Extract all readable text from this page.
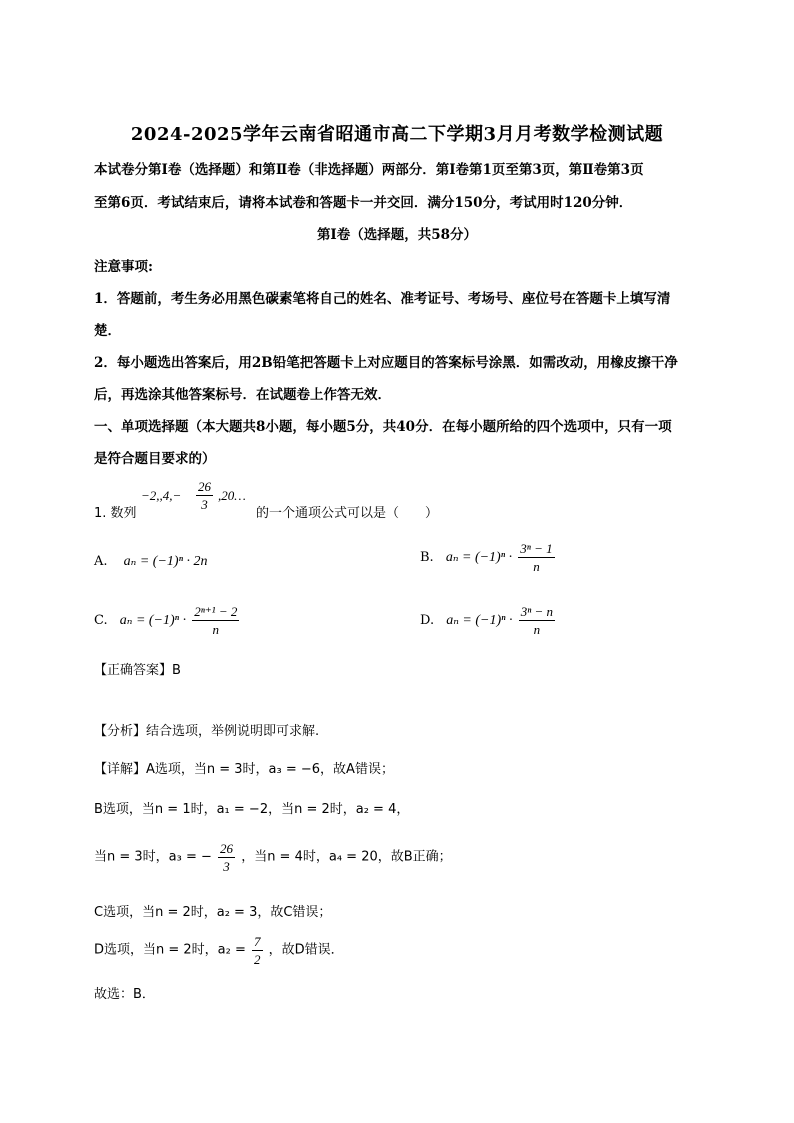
2024-2025学年云南省昭通市高二下学期3月月考数学检测试题
本试卷分第Ⅰ卷（选择题）和第Ⅱ卷（非选择题）两部分．第Ⅰ卷第1页至第3页，第Ⅱ卷第3页
至第6页．考试结束后，请将本试卷和答题卡一并交回．满分150分，考试用时120分钟．
第Ⅰ卷（选择题，共58分）
注意事项:
1．答题前，考生务必用黑色碳素笔将自己的姓名、准考证号、考场号、座位号在答题卡上填写清
楚．
2．每小题选出答案后，用2B铅笔把答题卡上对应题目的答案标号涂黑．如需改动，用橡皮擦干净
后，再选涂其他答案标号．在试题卷上作答无效．
一、单项选择题（本大题共8小题，每小题5分，共40分．在每小题所给的四个选项中，只有一项
是符合题目要求的）
1. 数列
$-2,,4,- \frac{26}{3}$ ,20…
的一个通项公式可以是（　　）
A. aₙ = (−1)ⁿ · 2n	B. $a_n = (-1)^n \cdot \frac{\text{3ⁿ − 1}}{n}$
C. $a_n = (-1)^n \cdot \frac{\text{2ⁿ⁺¹ − 2}}{n}$	D. $a_n = (-1)^n \cdot \frac{\text{3ⁿ − n}}{n}$
【正确答案】B
【分析】结合选项，举例说明即可求解.
【详解】A选项，当n = 3时，a₃ = −6，故A错误；
B选项，当n = 1时，a₁ = −2，当n = 2时，a₂ = 4，
当n = 3时，a₃ = − $\frac{26}{3}$ ，当n = 4时，a₄ = 20，故B正确；
C选项，当n = 2时，a₂ = 3，故C错误；
D选项，当n = 2时，$a_2 = \frac{7}{2}$ ，故D错误．
故选：B．
